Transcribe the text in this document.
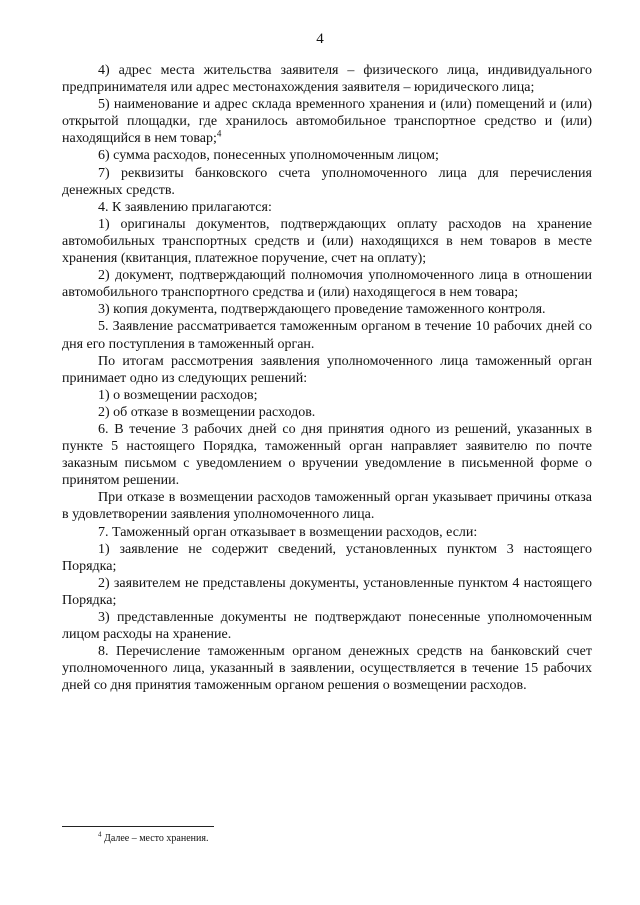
4

4) адрес места жительства заявителя – физического лица, индивидуального предпринимателя или адрес местонахождения заявителя – юридического лица;

5) наименование и адрес склада временного хранения и (или) помещений и (или) открытой площадки, где хранилось автомобильное транспортное средство и (или) находящийся в нем товар;$^4$

6) сумма расходов, понесенных уполномоченным лицом;

7) реквизиты банковского счета уполномоченного лица для перечисления денежных средств.

4. К заявлению прилагаются:

1) оригиналы документов, подтверждающих оплату расходов на хранение автомобильных транспортных средств и (или) находящихся в нем товаров в месте хранения (квитанция, платежное поручение, счет на оплату);

2) документ, подтверждающий полномочия уполномоченного лица в отношении автомобильного транспортного средства и (или) находящегося в нем товара;

3) копия документа, подтверждающего проведение таможенного контроля.

5. Заявление рассматривается таможенным органом в течение 10 рабочих дней со дня его поступления в таможенный орган.

По итогам рассмотрения заявления уполномоченного лица таможенный орган принимает одно из следующих решений:

1) о возмещении расходов;

2) об отказе в возмещении расходов.

6. В течение 3 рабочих дней со дня принятия одного из решений, указанных в пункте 5 настоящего Порядка, таможенный орган направляет заявителю по почте заказным письмом с уведомлением о вручении уведомление в письменной форме о принятом решении.

При отказе в возмещении расходов таможенный орган указывает причины отказа в удовлетворении заявления уполномоченного лица.

7. Таможенный орган отказывает в возмещении расходов, если:

1) заявление не содержит сведений, установленных пунктом 3 настоящего Порядка;

2) заявителем не представлены документы, установленные пунктом 4 настоящего Порядка;

3) представленные документы не подтверждают понесенные уполномоченным лицом расходы на хранение.

8. Перечисление таможенным органом денежных средств на банковский счет уполномоченного лица, указанный в заявлении, осуществляется в течение 15 рабочих дней со дня принятия таможенным органом решения о возмещении расходов.

$^4$ Далее – место хранения.
